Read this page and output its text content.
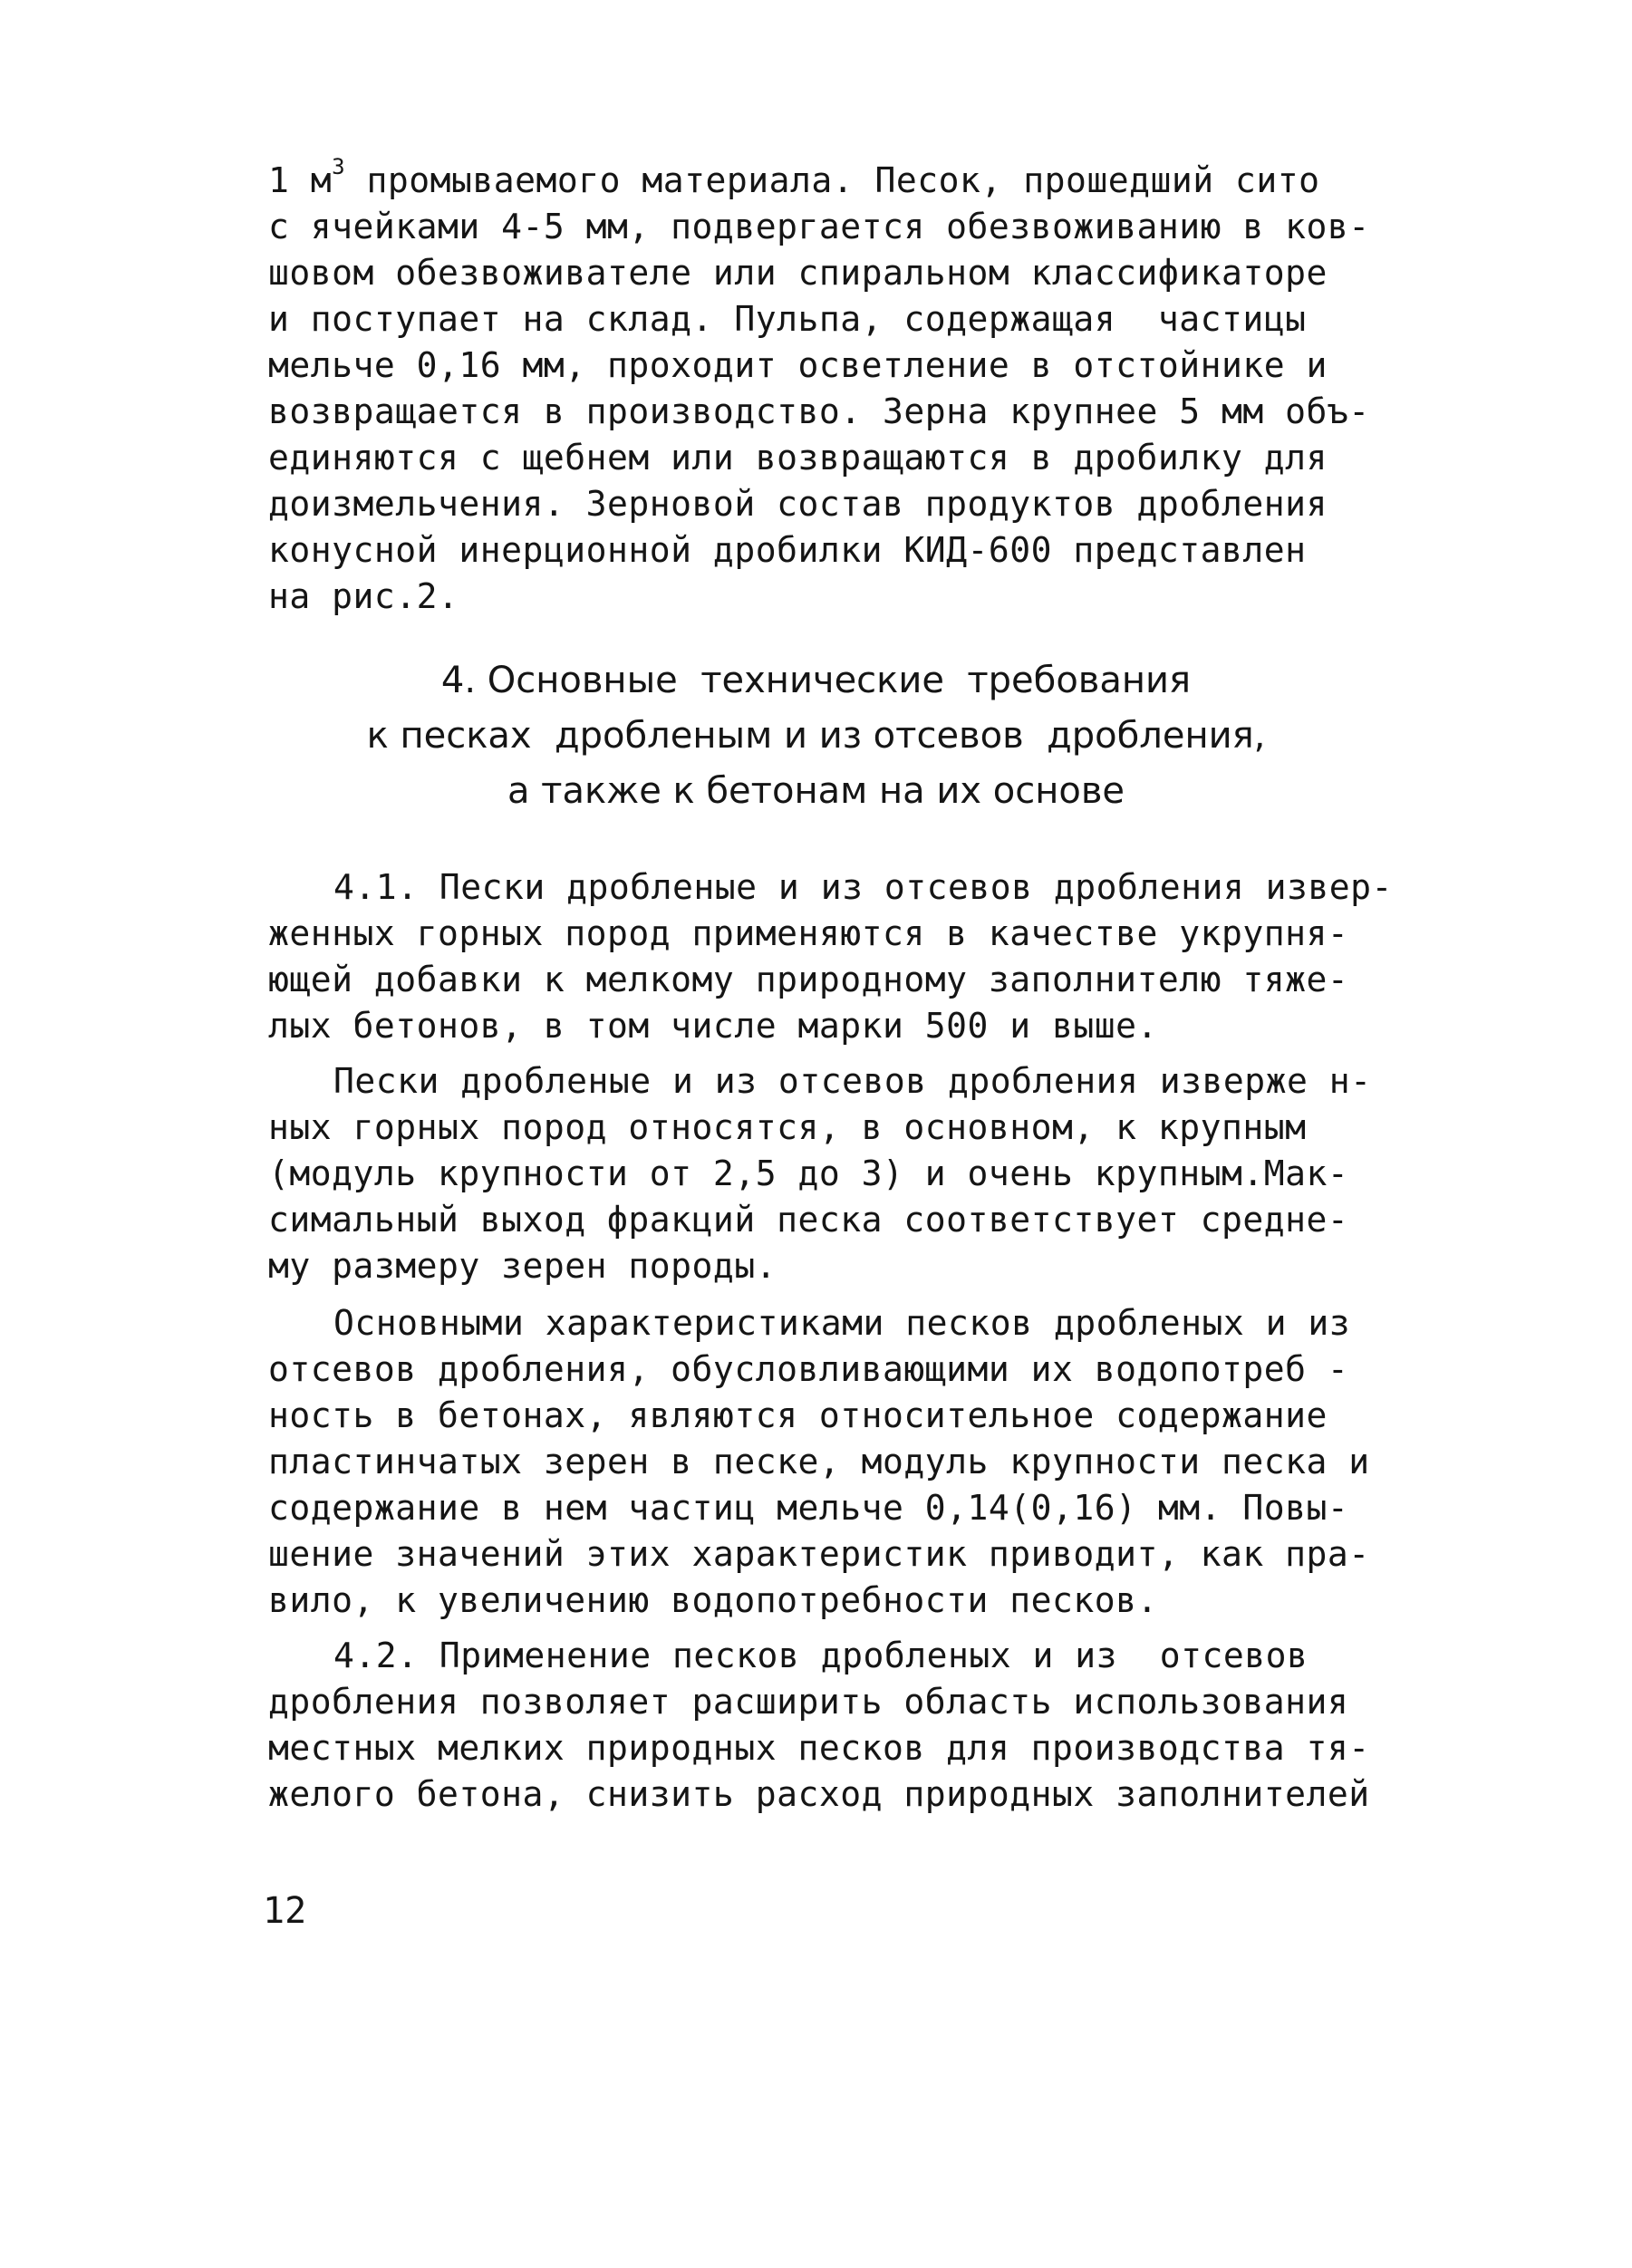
1 $м^3$ промываемого материала. Песок, прошедший сито
с ячейками 4-5 мм, подвергается обезвоживанию в ков-
шовом обезвоживателе или спиральном классификаторе
и поступает на склад. Пульпа, содержащая  частицы
мельче 0,16 мм, проходит осветление в отстойнике и
возвращается в производство. Зерна крупнее 5 мм объ-
единяются с щебнем или возвращаются в дробилку для
доизмельчения. Зерновой состав продуктов дробления
конусной инерционной дробилки КИД-600 представлен
на рис.2.
4. Основные  технические  требования
к песках  дробленым и из отсевов  дробления,
а также к бетонам на их основе
4.1. Пески дробленые и из отсевов дробления извер-
женных горных пород применяются в качестве укрупня-
ющей добавки к мелкому природному заполнителю тяже-
лых бетонов, в том числе марки 500 и выше.
Пески дробленые и из отсевов дробления изверже н-
ных горных пород относятся, в основном, к крупным
(модуль крупности от 2,5 до 3) и очень крупным.Мак-
симальный выход фракций песка соответствует средне-
му размеру зерен породы.
Основными характеристиками песков дробленых и из
отсевов дробления, обусловливающими их водопотреб -
ность в бетонах, являются относительное содержание
пластинчатых зерен в песке, модуль крупности песка и
содержание в нем частиц мельче 0,14(0,16) мм. Повы-
шение значений этих характеристик приводит, как пра-
вило, к увеличению водопотребности песков.
4.2. Применение песков дробленых и из  отсевов
дробления позволяет расширить область использования
местных мелких природных песков для производства тя-
желого бетона, снизить расход природных заполнителей
12
